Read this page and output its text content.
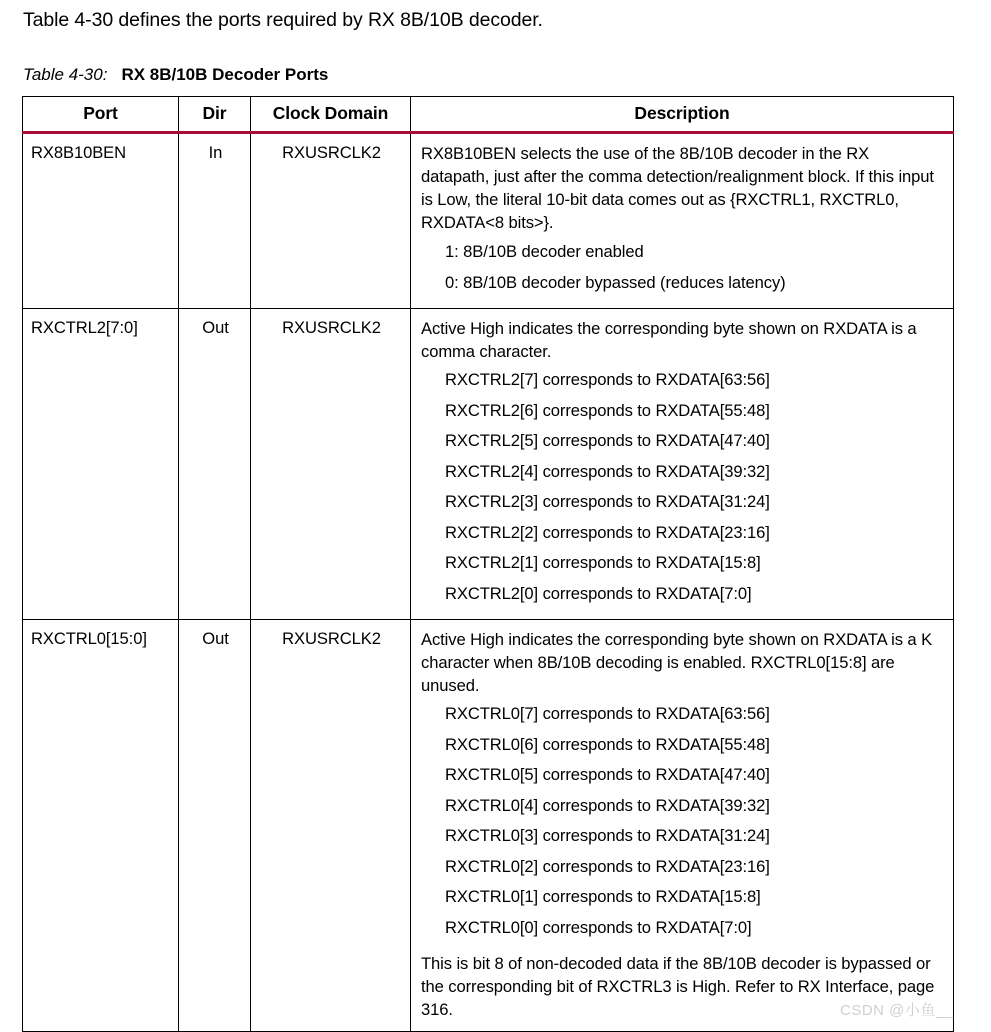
Table 4-30 defines the ports required by RX 8B/10B decoder.
Table 4-30: RX 8B/10B Decoder Ports
Port	Dir	Clock Domain	Description
RX8B10BEN	In	RXUSRCLK2	RX8B10BEN selects the use of the 8B/10B decoder in the RX datapath, just after the comma detection/realignment block. If this input is Low, the literal 10-bit data comes out as {RXCTRL1, RXCTRL0, RXDATA<8 bits>}.

1: 8B/10B decoder enabled
0: 8B/10B decoder bypassed (reduces latency)

RXCTRL2[7:0]	Out	RXUSRCLK2	Active High indicates the corresponding byte shown on RXDATA is a comma character.

RXCTRL2[7] corresponds to RXDATA[63:56]
RXCTRL2[6] corresponds to RXDATA[55:48]
RXCTRL2[5] corresponds to RXDATA[47:40]
RXCTRL2[4] corresponds to RXDATA[39:32]
RXCTRL2[3] corresponds to RXDATA[31:24]
RXCTRL2[2] corresponds to RXDATA[23:16]
RXCTRL2[1] corresponds to RXDATA[15:8]
RXCTRL2[0] corresponds to RXDATA[7:0]

RXCTRL0[15:0]	Out	RXUSRCLK2	Active High indicates the corresponding byte shown on RXDATA is a K character when 8B/10B decoding is enabled. RXCTRL0[15:8] are unused.

RXCTRL0[7] corresponds to RXDATA[63:56]
RXCTRL0[6] corresponds to RXDATA[55:48]
RXCTRL0[5] corresponds to RXDATA[47:40]
RXCTRL0[4] corresponds to RXDATA[39:32]
RXCTRL0[3] corresponds to RXDATA[31:24]
RXCTRL0[2] corresponds to RXDATA[23:16]
RXCTRL0[1] corresponds to RXDATA[15:8]
RXCTRL0[0] corresponds to RXDATA[7:0]

This is bit 8 of non-decoded data if the 8B/10B decoder is bypassed or the corresponding bit of RXCTRL3 is High. Refer to RX Interface, page 316.	CSDN @小鱼__
